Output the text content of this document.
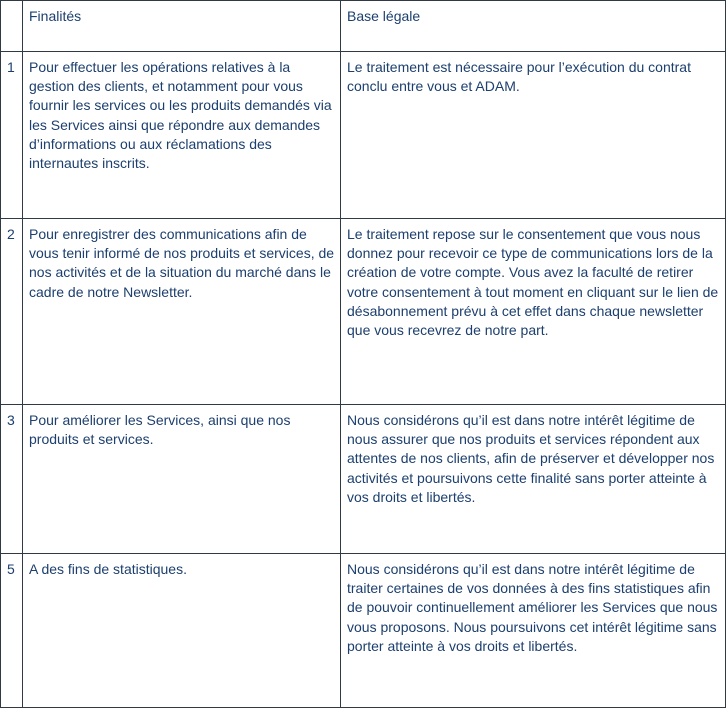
	Finalités	Base légale
1	Pour effectuer les opérations relatives à la gestion des clients, et notamment pour vous fournir les services ou les produits demandés via les Services ainsi que répondre aux demandes d’informations ou aux réclamations des internautes inscrits.	Le traitement est nécessaire pour l’exécution du contrat conclu entre vous et ADAM.
2	Pour enregistrer des communications afin de vous tenir informé de nos produits et services, de nos activités et de la situation du marché dans le cadre de notre Newsletter.	Le traitement repose sur le consentement que vous nous donnez pour recevoir ce type de communications lors de la création de votre compte. Vous avez la faculté de retirer votre consentement à tout moment en cliquant sur le lien de désabonnement prévu à cet effet dans chaque newsletter que vous recevrez de notre part.
3	Pour améliorer les Services, ainsi que nos produits et services.	Nous considérons qu’il est dans notre intérêt légitime de nous assurer que nos produits et services répondent aux attentes de nos clients, afin de préserver et développer nos activités et poursuivons cette finalité sans porter atteinte à vos droits et libertés.
5	A des fins de statistiques.	Nous considérons qu’il est dans notre intérêt légitime de traiter certaines de vos données à des fins statistiques afin de pouvoir continuellement améliorer les Services que nous vous proposons. Nous poursuivons cet intérêt légitime sans porter atteinte à vos droits et libertés.
